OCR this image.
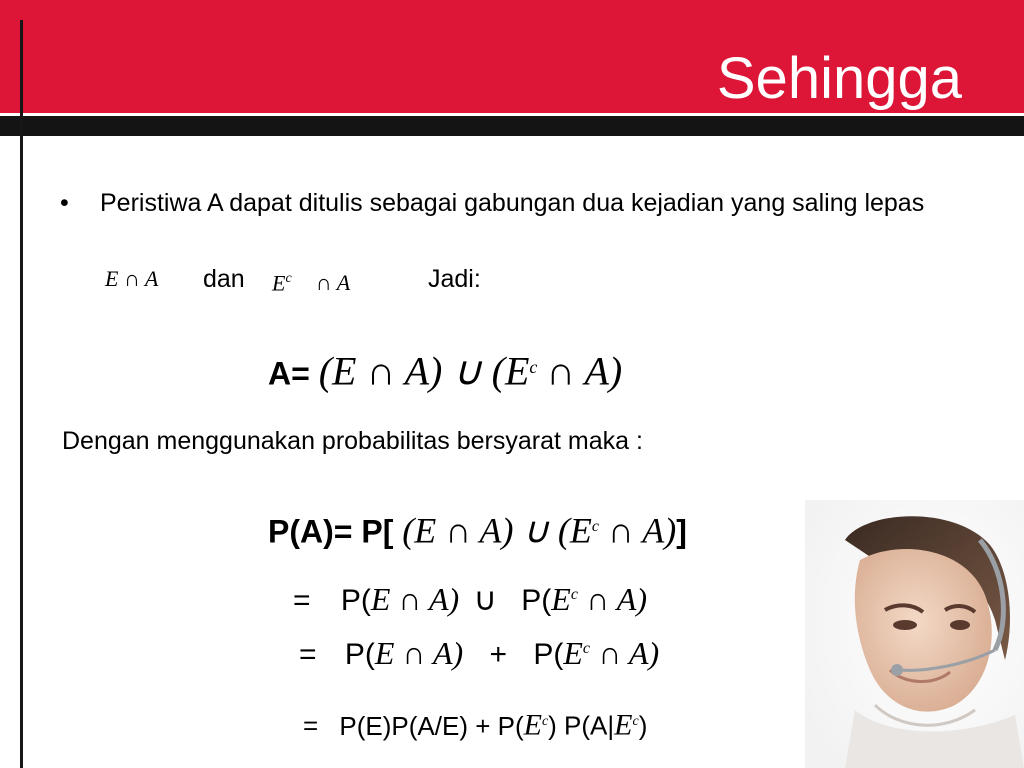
Sehingga
• Peristiwa A dapat ditulis sebagai gabungan dua kejadian yang saling lepas
E ∩ A dan $E^c$ ∩ A	Jadi:
A= (E ∩ A) ∪ ($E^c$ ∩ A)
Dengan menggunakan probabilitas bersyarat maka :
P(A)= P[ (E ∩ A) ∪ ($E^c$ ∩ A)]
= P(E ∩ A) ∪ $P(E^c$ ∩ A)
= P(E ∩ $A) + P(E^c$ ∩ A)
= $P(E)P(A/E) + P(E^c)$ $P(A|E^c)$
